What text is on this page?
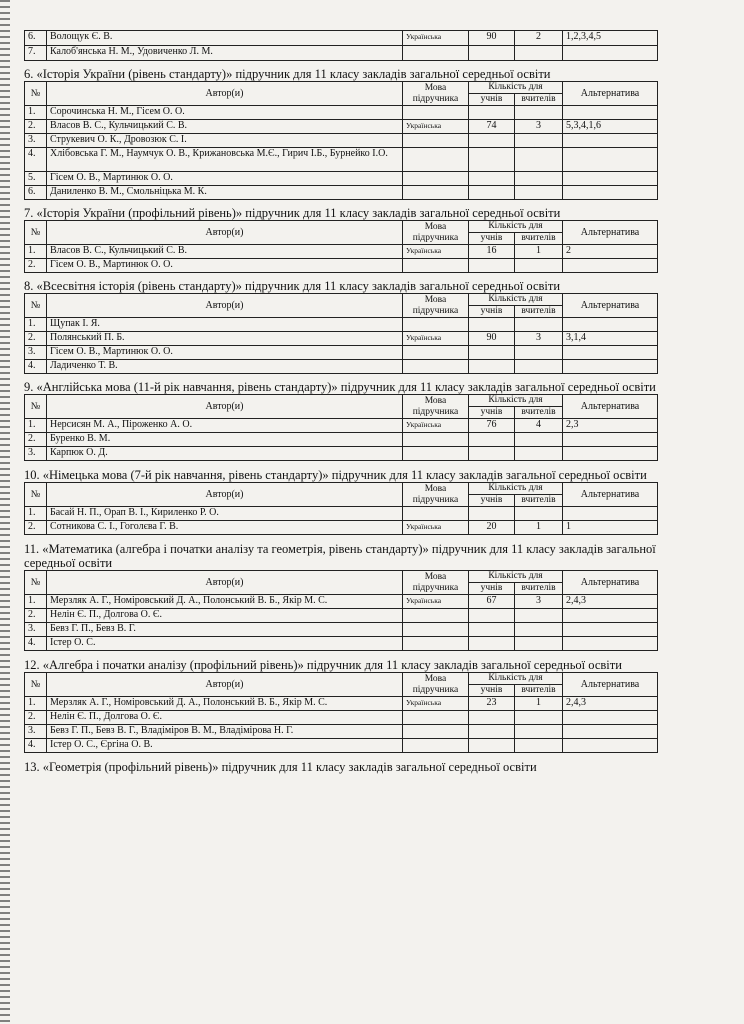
6.	Волощук Є. В.	Українська	90	2	1,2,3,4,5
7.	Калоб'янська Н. М., Удовиченко Л. М.				

6. «Історія України (рівень стандарту)» підручник для 11 класу закладів загальної середньої освіти

№	Автор(и)	Мова підручника	Кількість для		Альтернатива
			учнів	вчителів	
1.	Сорочинська Н. М., Гісем О. О.				
2.	Власов В. С., Кульчицький С. В.	Українська	74	3	5,3,4,1,6
3.	Струкевич О. К., Дровозюк С. І.				
4.	Хлібовська Г. М., Наумчук О. В., Крижановська М.Є., Гирич І.Б., Бурнейко І.О.				
5.	Гісем О. В., Мартинюк О. О.				
6.	Даниленко В. М., Смольніцька М. К.				

7. «Історія України (профільний рівень)» підручник для 11 класу закладів загальної середньої освіти

№	Автор(и)	Мова підручника	Кількість для		Альтернатива
			учнів	вчителів	
1.	Власов В. С., Кульчицький С. В.	Українська	16	1	2
2.	Гісем О. В., Мартинюк О. О.				

8. «Всесвітня історія (рівень стандарту)» підручник для 11 класу закладів загальної середньої освіти

№	Автор(и)	Мова підручника	Кількість для		Альтернатива
			учнів	вчителів	
1.	Щупак І. Я.				
2.	Полянський П. Б.	Українська	90	3	3,1,4
3.	Гісем О. В., Мартинюк О. О.				
4.	Ладиченко Т. В.				

9. «Англійська мова (11-й рік навчання, рівень стандарту)» підручник для 11 класу закладів загальної середньої освіти

№	Автор(и)	Мова підручника	Кількість для		Альтернатива
			учнів	вчителів	
1.	Нерсисян М. А., Піроженко А. О.	Українська	76	4	2,3
2.	Буренко В. М.				
3.	Карпюк О. Д.				

10. «Німецька мова (7-й рік навчання, рівень стандарту)» підручник для 11 класу закладів загальної середньої освіти

№	Автор(и)	Мова підручника	Кількість для		Альтернатива
			учнів	вчителів	
1.	Басай Н. П., Орап В. І., Кириленко Р. О.				
2.	Сотникова С. І., Гоголєва Г. В.	Українська	20	1	1

11. «Математика (алгебра і початки аналізу та геометрія, рівень стандарту)» підручник для 11 класу закладів загальної середньої освіти

№	Автор(и)	Мова підручника	Кількість для		Альтернатива
			учнів	вчителів	
1.	Мерзляк А. Г., Номіровський Д. А., Полонський В. Б., Якір М. С.	Українська	67	3	2,4,3
2.	Нелін Є. П., Долгова О. Є.				
3.	Бевз Г. П., Бевз В. Г.				
4.	Істер О. С.				

12. «Алгебра і початки аналізу (профільний рівень)» підручник для 11 класу закладів загальної середньої освіти

№	Автор(и)	Мова підручника	Кількість для		Альтернатива
			учнів	вчителів	
1.	Мерзляк А. Г., Номіровський Д. А., Полонський В. Б., Якір М. С.	Українська	23	1	2,4,3
2.	Нелін Є. П., Долгова О. Є.				
3.	Бевз Г. П., Бевз В. Г., Владіміров В. М., Владімірова Н. Г.				
4.	Істер О. С., Єргіна О. В.				

13. «Геометрія (профільний рівень)» підручник для 11 класу закладів загальної середньої освіти
